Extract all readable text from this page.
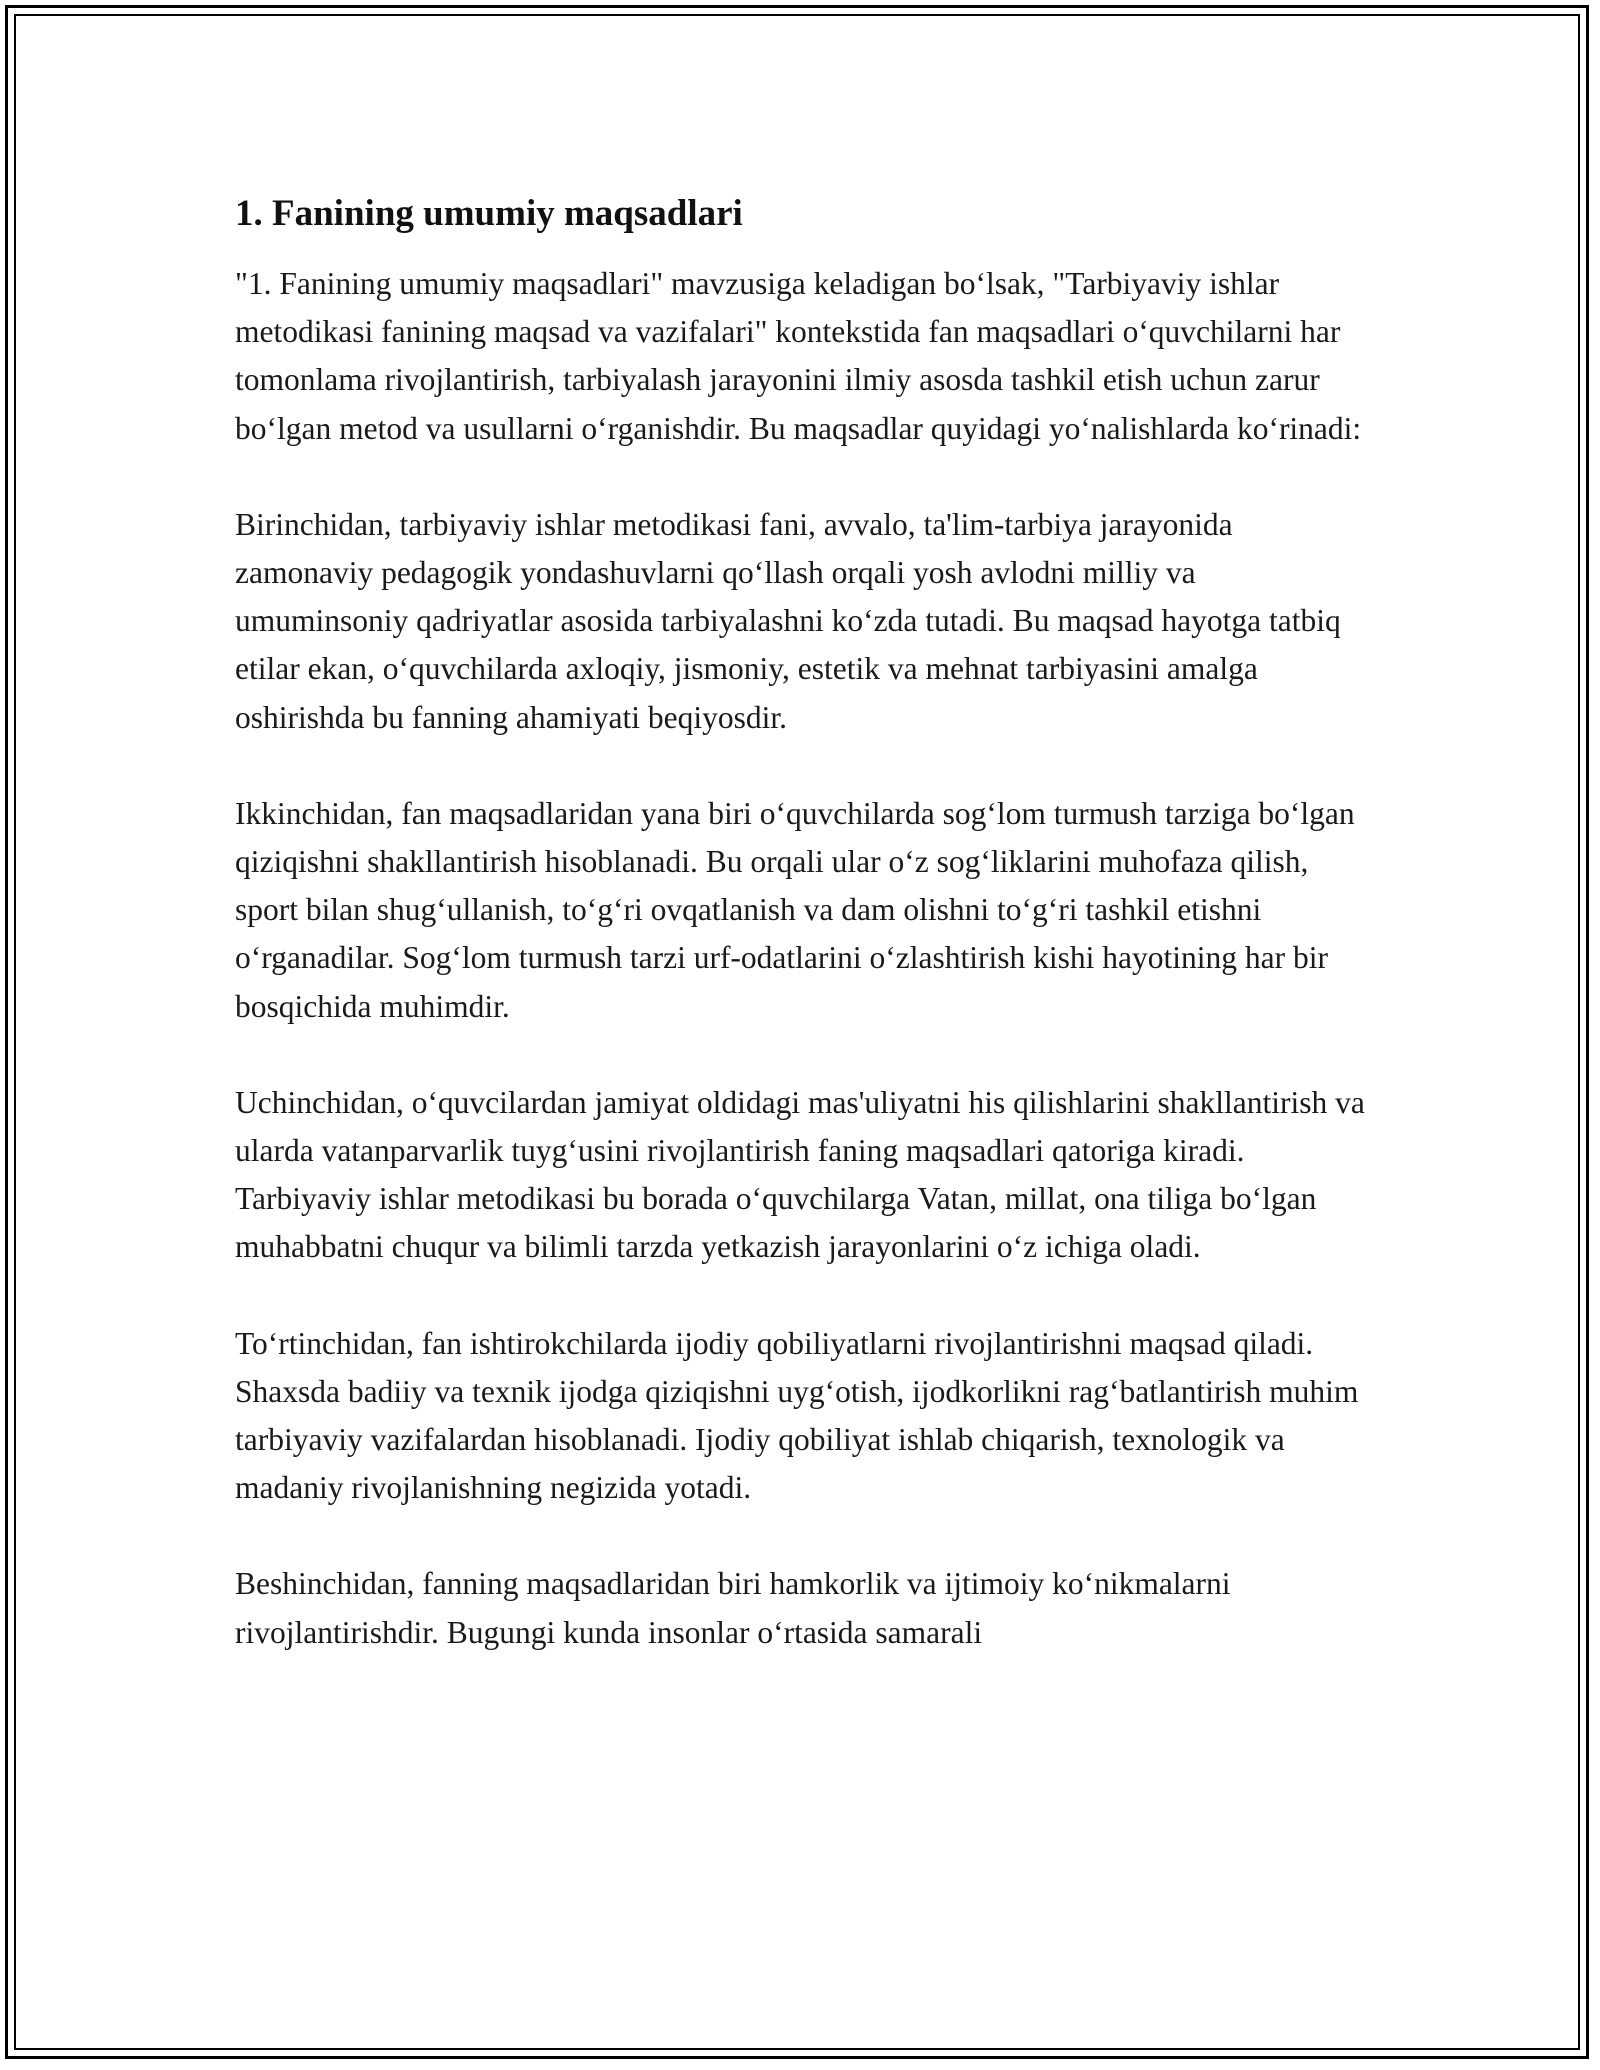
1. Fanining umumiy maqsadlari

"1. Fanining umumiy maqsadlari" mavzusiga keladigan boʻlsak, "Tarbiyaviy ishlar metodikasi fanining maqsad va vazifalari" kontekstida fan maqsadlari oʻquvchilarni har tomonlama rivojlantirish, tarbiyalash jarayonini ilmiy asosda tashkil etish uchun zarur boʻlgan metod va usullarni oʻrganishdir. Bu maqsadlar quyidagi yoʻnalishlarda koʻrinadi:

Birinchidan, tarbiyaviy ishlar metodikasi fani, avvalo, ta'lim-tarbiya jarayonida zamonaviy pedagogik yondashuvlarni qoʻllash orqali yosh avlodni milliy va umuminsoniy qadriyatlar asosida tarbiyalashni koʻzda tutadi. Bu maqsad hayotga tatbiq etilar ekan, oʻquvchilarda axloqiy, jismoniy, estetik va mehnat tarbiyasini amalga oshirishda bu fanning ahamiyati beqiyosdir.

Ikkinchidan, fan maqsadlaridan yana biri oʻquvchilarda sogʻlom turmush tarziga boʻlgan qiziqishni shakllantirish hisoblanadi. Bu orqali ular oʻz sogʻliklarini muhofaza qilish, sport bilan shugʻullanish, toʻgʻri ovqatlanish va dam olishni toʻgʻri tashkil etishni oʻrganadilar. Sogʻlom turmush tarzi urf-odatlarini oʻzlashtirish kishi hayotining har bir bosqichida muhimdir.

Uchinchidan, oʻquvcilardan jamiyat oldidagi mas'uliyatni his qilishlarini shakllantirish va ularda vatanparvarlik tuygʻusini rivojlantirish faning maqsadlari qatoriga kiradi. Tarbiyaviy ishlar metodikasi bu borada oʻquvchilarga Vatan, millat, ona tiliga boʻlgan muhabbatni chuqur va bilimli tarzda yetkazish jarayonlarini oʻz ichiga oladi.

Toʻrtinchidan, fan ishtirokchilarda ijodiy qobiliyatlarni rivojlantirishni maqsad qiladi. Shaxsda badiiy va texnik ijodga qiziqishni uygʻotish, ijodkorlikni ragʻbatlantirish muhim tarbiyaviy vazifalardan hisoblanadi. Ijodiy qobiliyat ishlab chiqarish, texnologik va madaniy rivojlanishning negizida yotadi.

Beshinchidan, fanning maqsadlaridan biri hamkorlik va ijtimoiy koʻnikmalarni rivojlantirishdir. Bugungi kunda insonlar oʻrtasida samarali
